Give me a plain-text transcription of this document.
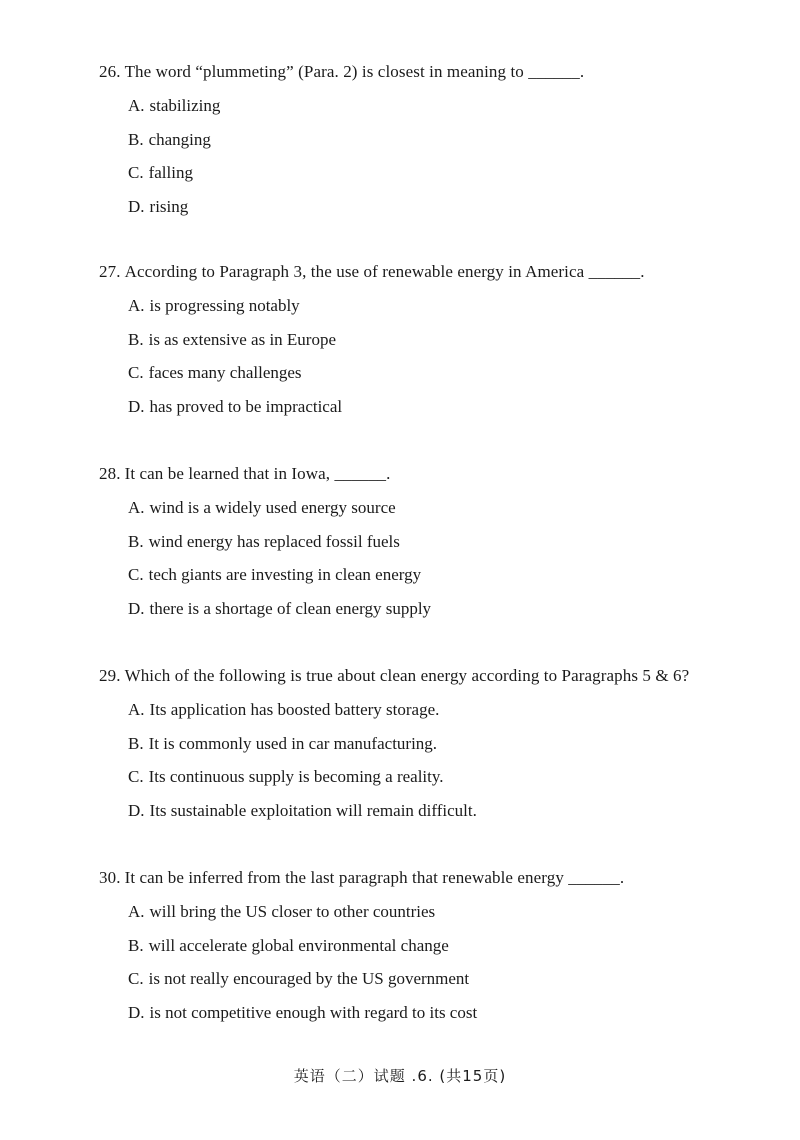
26. The word “plummeting” (Para. 2) is closest in meaning to ______.
A. stabilizing
B. changing
C. falling
D. rising
27. According to Paragraph 3, the use of renewable energy in America ______.
A. is progressing notably
B. is as extensive as in Europe
C. faces many challenges
D. has proved to be impractical
28. It can be learned that in Iowa, ______.
A. wind is a widely used energy source
B. wind energy has replaced fossil fuels
C. tech giants are investing in clean energy
D. there is a shortage of clean energy supply
29. Which of the following is true about clean energy according to Paragraphs 5 & 6?
A. Its application has boosted battery storage.
B. It is commonly used in car manufacturing.
C. Its continuous supply is becoming a reality.
D. Its sustainable exploitation will remain difficult.
30. It can be inferred from the last paragraph that renewable energy ______.
A. will bring the US closer to other countries
B. will accelerate global environmental change
C. is not really encouraged by the US government
D. is not competitive enough with regard to its cost
英语（二）试题 .6. (共15页)
